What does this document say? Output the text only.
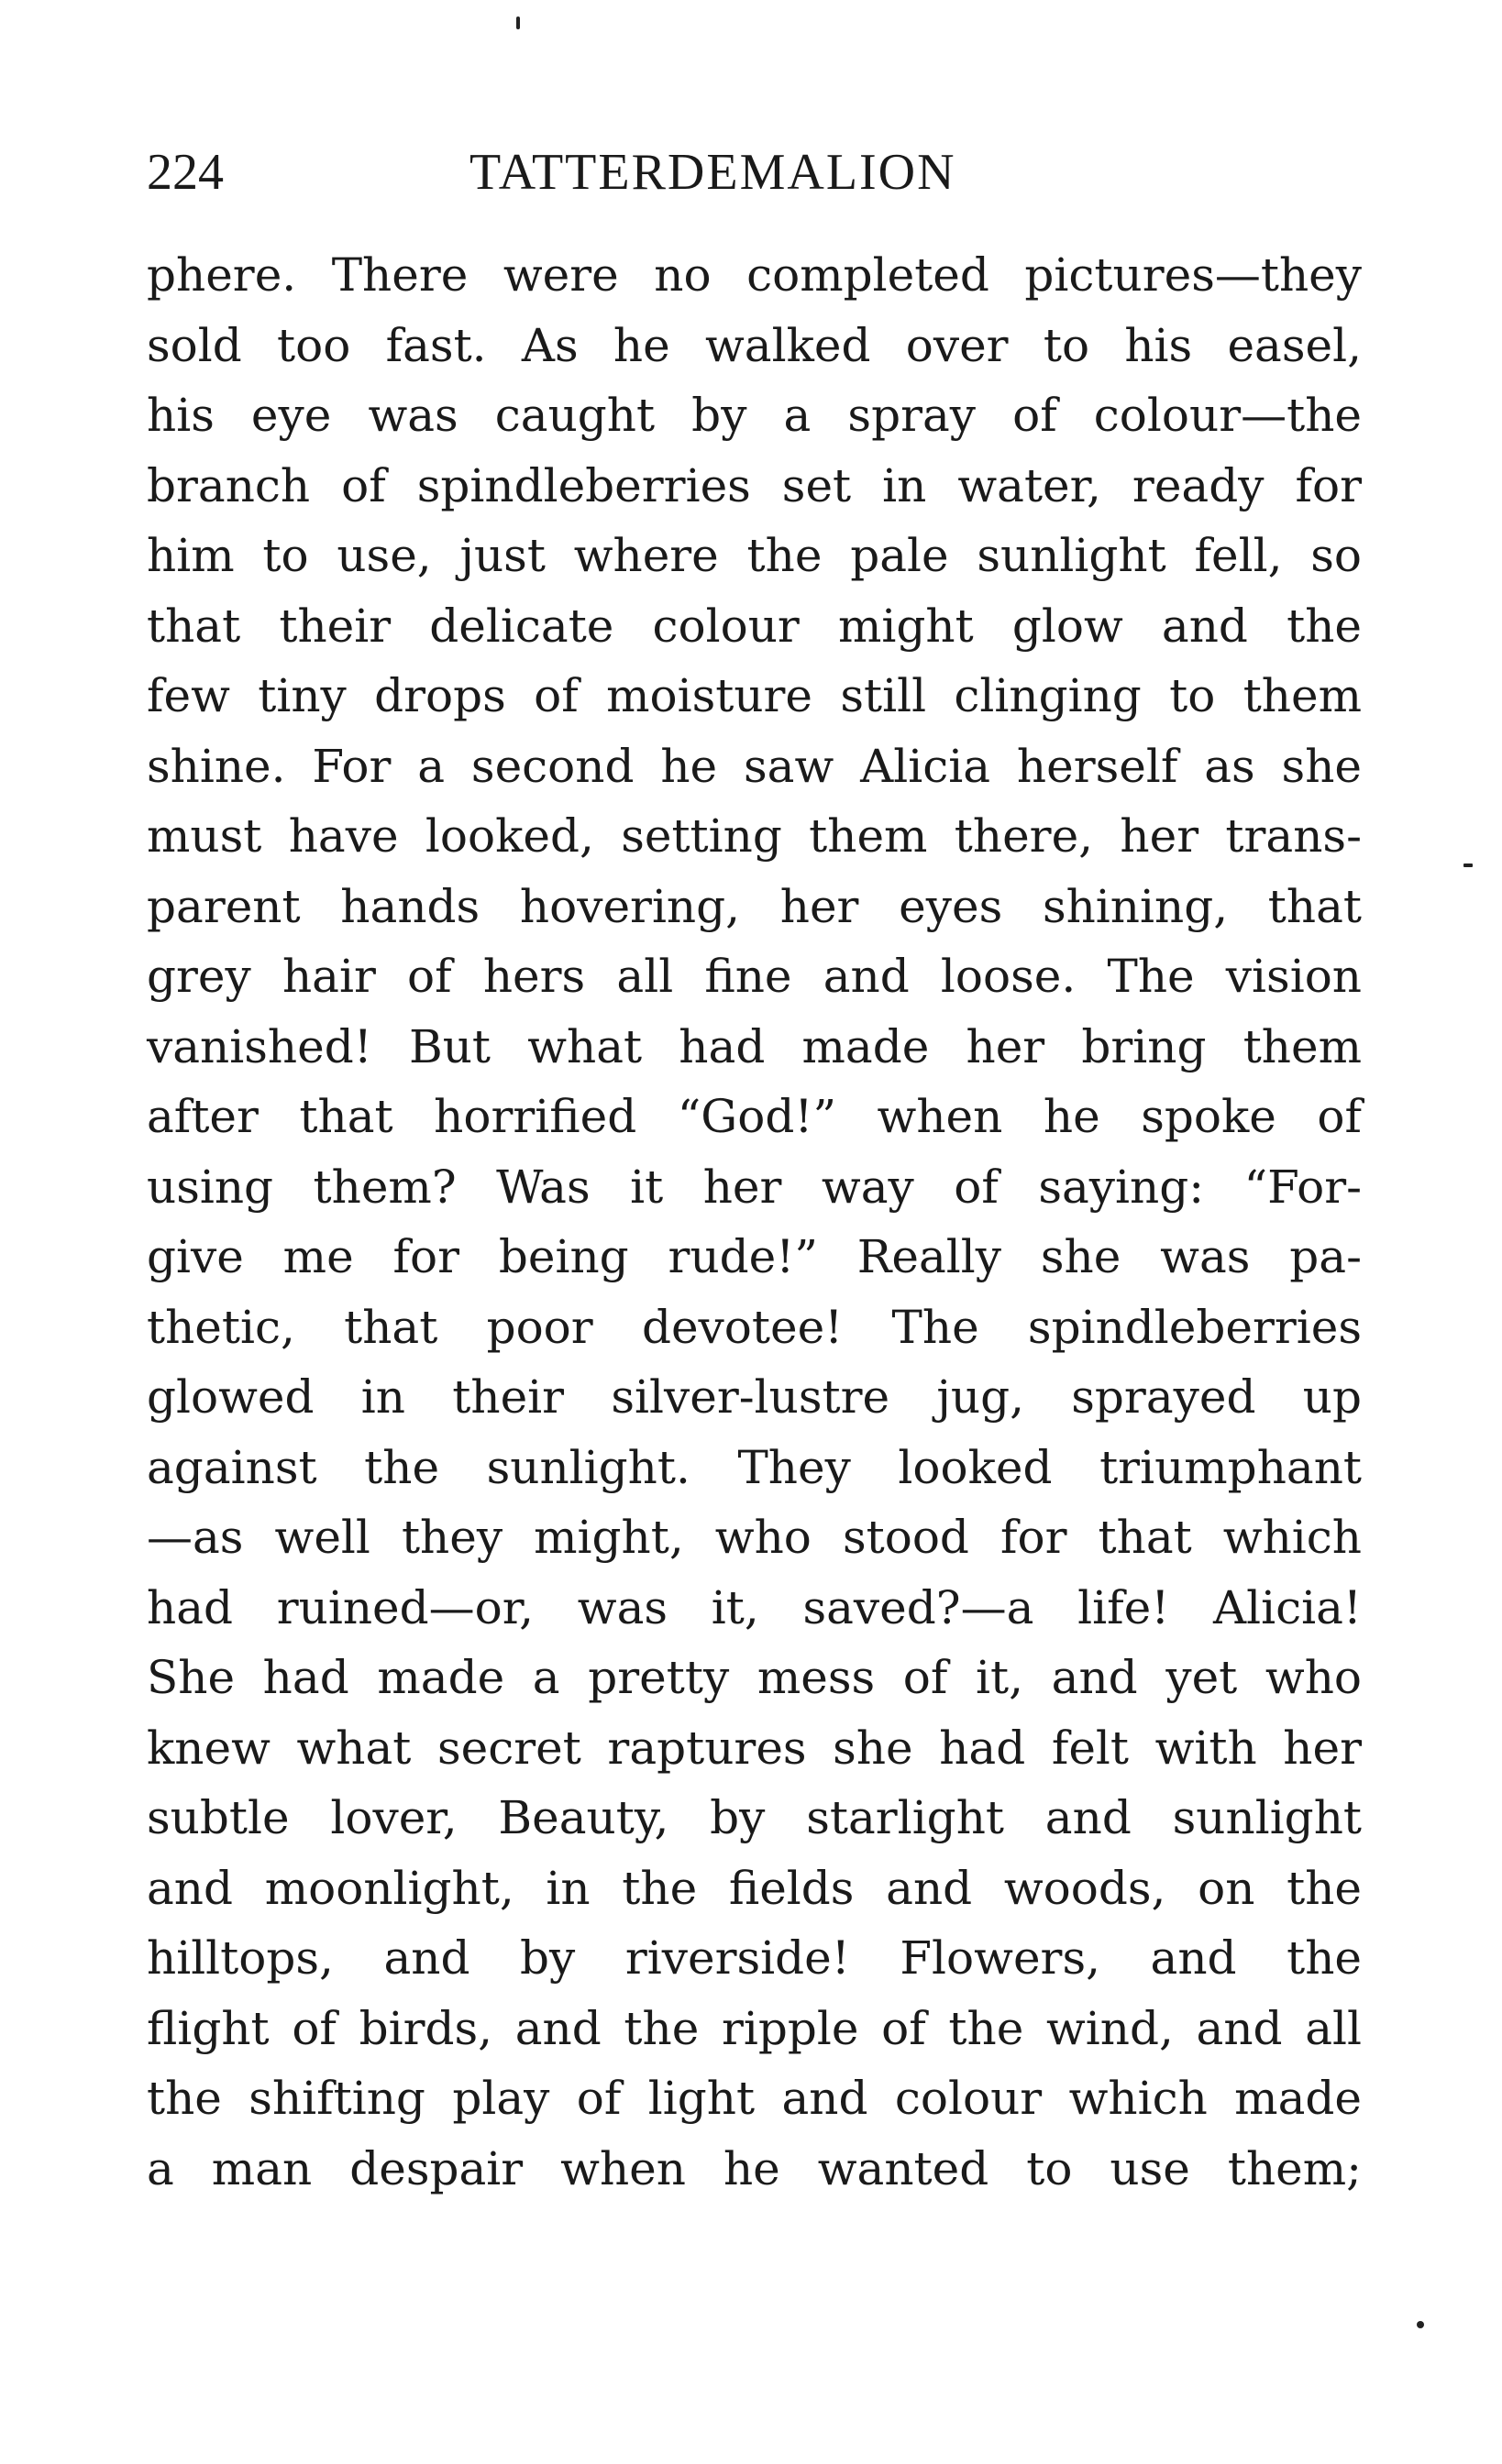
224	TATTERDEMALION
phere. There were no completed pictures—they
sold too fast. As he walked over to his easel,
his eye was caught by a spray of colour—the
branch of spindleberries set in water, ready for
him to use, just where the pale sunlight fell, so
that their delicate colour might glow and the
few tiny drops of moisture still clinging to them
shine. For a second he saw Alicia herself as she
must have looked, setting them there, her trans-
parent hands hovering, her eyes shining, that
grey hair of hers all fine and loose. The vision
vanished! But what had made her bring them
after that horrified “God!” when he spoke of
using them? Was it her way of saying: “For-
give me for being rude!” Really she was pa-
thetic, that poor devotee! The spindleberries
glowed in their silver-lustre jug, sprayed up
against the sunlight. They looked triumphant
—as well they might, who stood for that which
had ruined—or, was it, saved?—a life! Alicia!
She had made a pretty mess of it, and yet who
knew what secret raptures she had felt with her
subtle lover, Beauty, by starlight and sunlight
and moonlight, in the fields and woods, on the
hilltops, and by riverside! Flowers, and the
flight of birds, and the ripple of the wind, and all
the shifting play of light and colour which made
a man despair when he wanted to use them;
